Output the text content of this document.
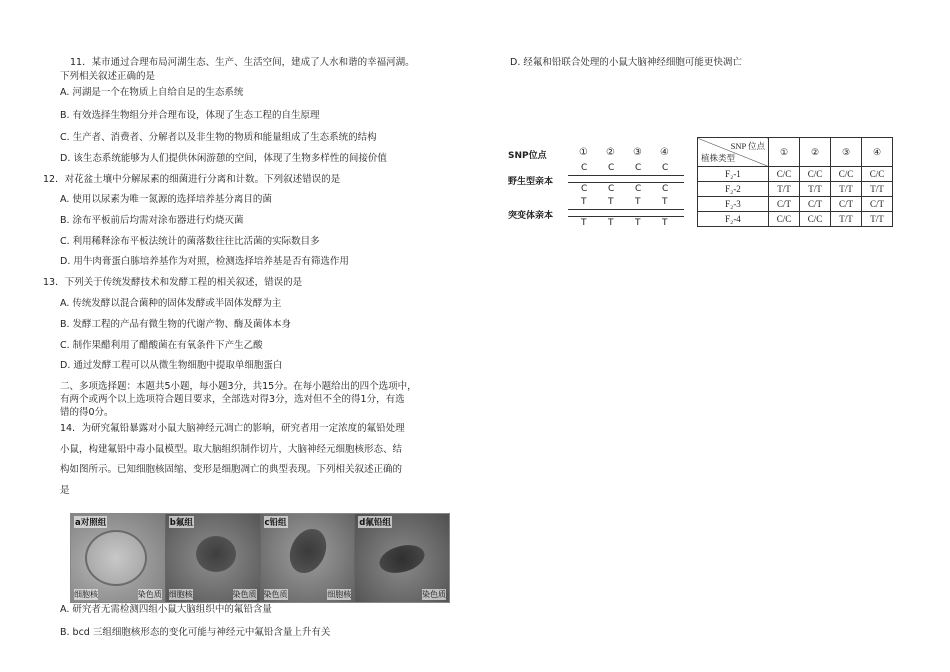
11．某市通过合理布局河湖生态、生产、生活空间，建成了人水和谐的幸福河湖。
下列相关叙述正确的是
A. 河湖是一个在物质上自给自足的生态系统
B. 有效选择生物组分并合理布设，体现了生态工程的自生原理
C. 生产者、消费者、分解者以及非生物的物质和能量组成了生态系统的结构
D. 该生态系统能够为人们提供休闲游憩的空间，体现了生物多样性的间接价值
12．对花盆土壤中分解尿素的细菌进行分离和计数。下列叙述错误的是
A. 使用以尿素为唯一氮源的选择培养基分离目的菌
B. 涂布平板前后均需对涂布器进行灼烧灭菌
C. 利用稀释涂布平板法统计的菌落数往往比活菌的实际数目多
D. 用牛肉膏蛋白胨培养基作为对照，检测选择培养基是否有筛选作用
13．下列关于传统发酵技术和发酵工程的相关叙述，错误的是
A. 传统发酵以混合菌种的固体发酵或半固体发酵为主
B. 发酵工程的产品有微生物的代谢产物、酶及菌体本身
C. 制作果醋利用了醋酸菌在有氧条件下产生乙酸
D. 通过发酵工程可以从微生物细胞中提取单细胞蛋白
二、多项选择题：本题共5小题，每小题3分，共15分。在每小题给出的四个选项中，
有两个或两个以上选项符合题目要求，全部选对得3分，选对但不全的得1分，有选
错的得0分。
14．为研究氟铅暴露对小鼠大脑神经元凋亡的影响，研究者用一定浓度的氟铅处理
小鼠，构建氟铅中毒小鼠模型。取大脑组织制作切片，大脑神经元细胞核形态、结
构如图所示。已知细胞核固缩、变形是细胞凋亡的典型表现。下列相关叙述正确的
是
a对照组
细胞核	染色质
b氟组
细胞核	染色质
c铅组
染色质	细胞核
d氟铅组
染色质
A. 研究者无需检测四组小鼠大脑组织中的氟铅含量
B. bcd 三组细胞核形态的变化可能与神经元中氟铅含量上升有关
D. 经氟和铅联合处理的小鼠大脑神经细胞可能更快凋亡
SNP位点	① ② ③ ④
野生型亲本
C C C C
C C C C
突变体亲本
T T T T
T T T T
SNP 位点
植株类型	①	②	③	④
F₂-1	C/C	C/C	C/C	C/C
F₂-2	T/T	T/T	T/T	T/T
F₂-3	C/T	C/T	C/T	C/T
F₂-4	C/C	C/C	T/T	T/T
